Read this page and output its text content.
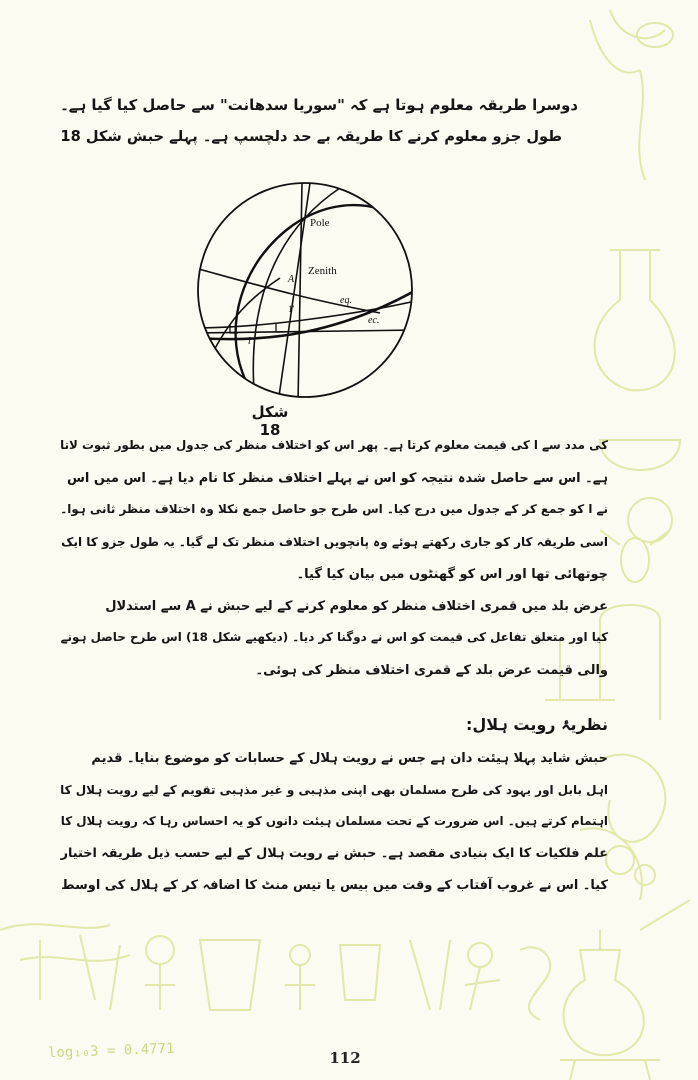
log₁₀3 = 0.4771
دوسرا طریقہ معلوم ہوتا ہے کہ "سوریا سدھانت" سے حاصل کیا گیا ہے۔
طول جزو معلوم کرنے کا طریقہ بے حد دلچسپ ہے۔ پہلے حبش شکل 18
Pole
Zenith
A
1'
eq.
ec.
l
شکل 18
کی مدد سے l کی قیمت معلوم کرتا ہے۔ پھر اس کو اختلاف منظر کی جدول میں بطور ثبوت لاتا
ہے۔ اس سے حاصل شدہ نتیجہ کو اس نے پہلے اختلاف منظر کا نام دیا ہے۔ اس میں اس
نے l کو جمع کر کے جدول میں درج کیا۔ اس طرح جو حاصل جمع نکلا وہ اختلاف منظر ثانی ہوا۔
اسی طریقہ کار کو جاری رکھتے ہوئے وہ پانچویں اختلاف منظر تک لے گیا۔ یہ طول جزو کا ایک
چوتھائی تھا اور اس کو گھنٹوں میں بیان کیا گیا۔
عرض بلد میں قمری اختلاف منظر کو معلوم کرنے کے لیے حبش نے A سے استدلال
کیا اور متعلق تفاعل کی قیمت کو اس نے دوگنا کر دیا۔ (دیکھیے شکل 18) اس طرح حاصل ہونے
والی قیمت عرض بلد کے قمری اختلاف منظر کی ہوئی۔
نظریۂ رویت ہلال:
حبش شاید پہلا ہیئت دان ہے جس نے رویت ہلال کے حسابات کو موضوع بنایا۔ قدیم
اہل بابل اور یہود کی طرح مسلمان بھی اپنی مذہبی و غیر مذہبی تقویم کے لیے رویت ہلال کا
اہتمام کرتے ہیں۔ اس ضرورت کے تحت مسلمان ہیئت دانوں کو یہ احساس رہا کہ رویت ہلال کا
علم فلکیات کا ایک بنیادی مقصد ہے۔ حبش نے رویت ہلال کے لیے حسب ذیل طریقہ اختیار
کیا۔ اس نے غروب آفتاب کے وقت میں بیس یا تیس منٹ کا اضافہ کر کے ہلال کی اوسط
112
